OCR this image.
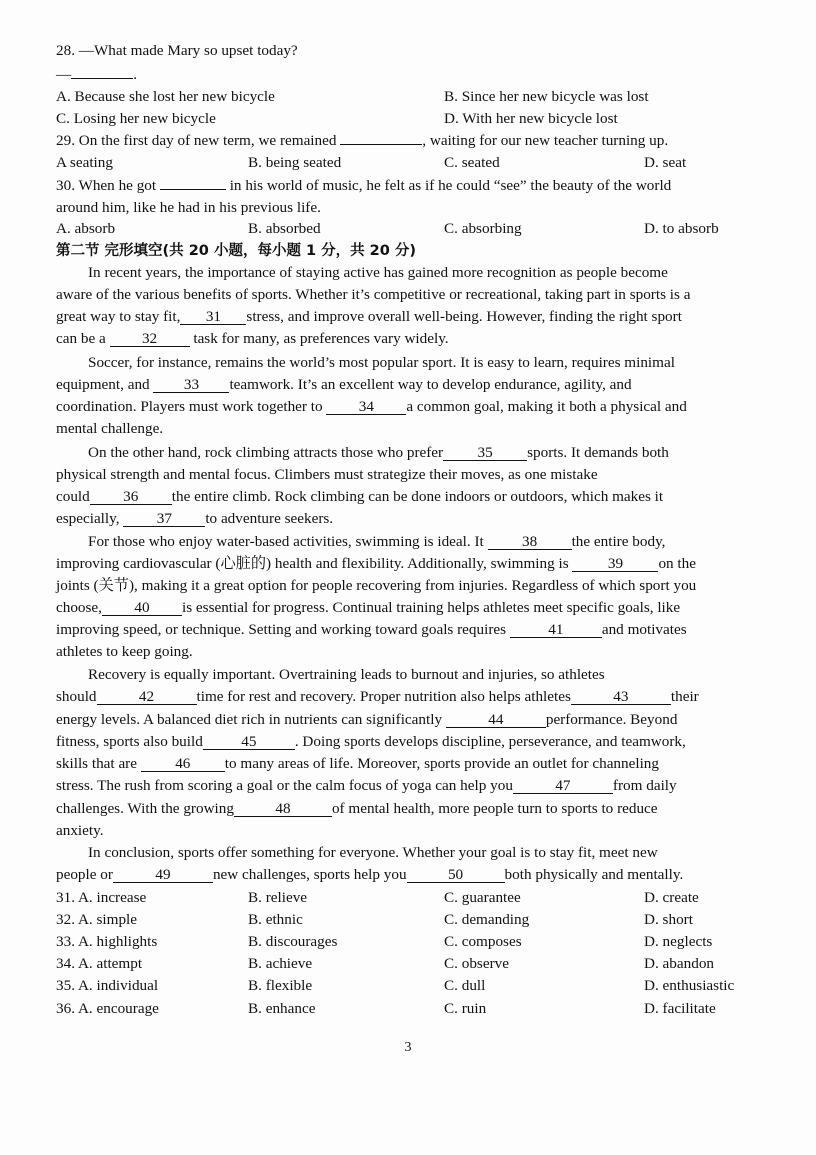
28. —What made Mary so upset today?
—	.
A. Because she lost her new bicycle	B. Since her new bicycle was lost
C. Losing her new bicycle	D. With her new bicycle lost
29. On the first day of new term, we remained	, waiting for our new teacher turning up.
A seating	B. being seated	C. seated	D. seat
30. When he got	in his world of music, he felt as if he could “see” the beauty of the world
around him, like he had in his previous life.
A. absorb	B. absorbed	C. absorbing	D. to absorb
第二节 完形填空(共 20 小题，每小题 1 分，共 20 分)
In recent years, the importance of staying active has gained more recognition as people become
aware of the various benefits of sports. Whether it’s competitive or recreational, taking part in sports is a
great way to stay fit, 31 stress, and improve overall well-being. However, finding the right sport
can be a 32 task for many, as preferences vary widely.
Soccer, for instance, remains the world’s most popular sport. It is easy to learn, requires minimal
equipment, and 33 teamwork. It’s an excellent way to develop endurance, agility, and
coordination. Players must work together to 34 a common goal, making it both a physical and
mental challenge.
On the other hand, rock climbing attracts those who prefer 35 sports. It demands both
physical strength and mental focus. Climbers must strategize their moves, as one mistake
could 36 the entire climb. Rock climbing can be done indoors or outdoors, which makes it
especially, 37 to adventure seekers.
For those who enjoy water-based activities, swimming is ideal. It	38 the entire body,
improving cardiovascular (心脏的) health and flexibility. Additionally, swimming is	39 on the
joints (关节), making it a great option for people recovering from injuries. Regardless of which sport you
choose, 40 is essential for progress. Continual training helps athletes meet specific goals, like
improving speed, or technique. Setting and working toward goals requires	41	and motivates
athletes to keep going.
Recovery is equally important. Overtraining leads to burnout and injuries, so athletes
should	42	time for rest and recovery. Proper nutrition also helps athletes	43	their
energy levels. A balanced diet rich in nutrients can significantly	44	performance. Beyond
fitness, sports also build	45	. Doing sports develops discipline, perseverance, and teamwork,
skills that are	46 to many areas of life. Moreover, sports provide an outlet for channeling
stress. The rush from scoring a goal or the calm focus of yoga can help you	47	from daily
challenges. With the growing	48	of mental health, more people turn to sports to reduce
anxiety.
In conclusion, sports offer something for everyone. Whether your goal is to stay fit, meet new
people or	49	new challenges, sports help you	50	both physically and mentally.
31. A. increase	B. relieve	C. guarantee	D. create
32. A. simple	B. ethnic	C. demanding	D. short
33. A. highlights	B. discourages	C. composes	D. neglects
34. A. attempt	B. achieve	C. observe	D. abandon
35. A. individual	B. flexible	C. dull	D. enthusiastic
36. A. encourage	B. enhance	C. ruin	D. facilitate
3
